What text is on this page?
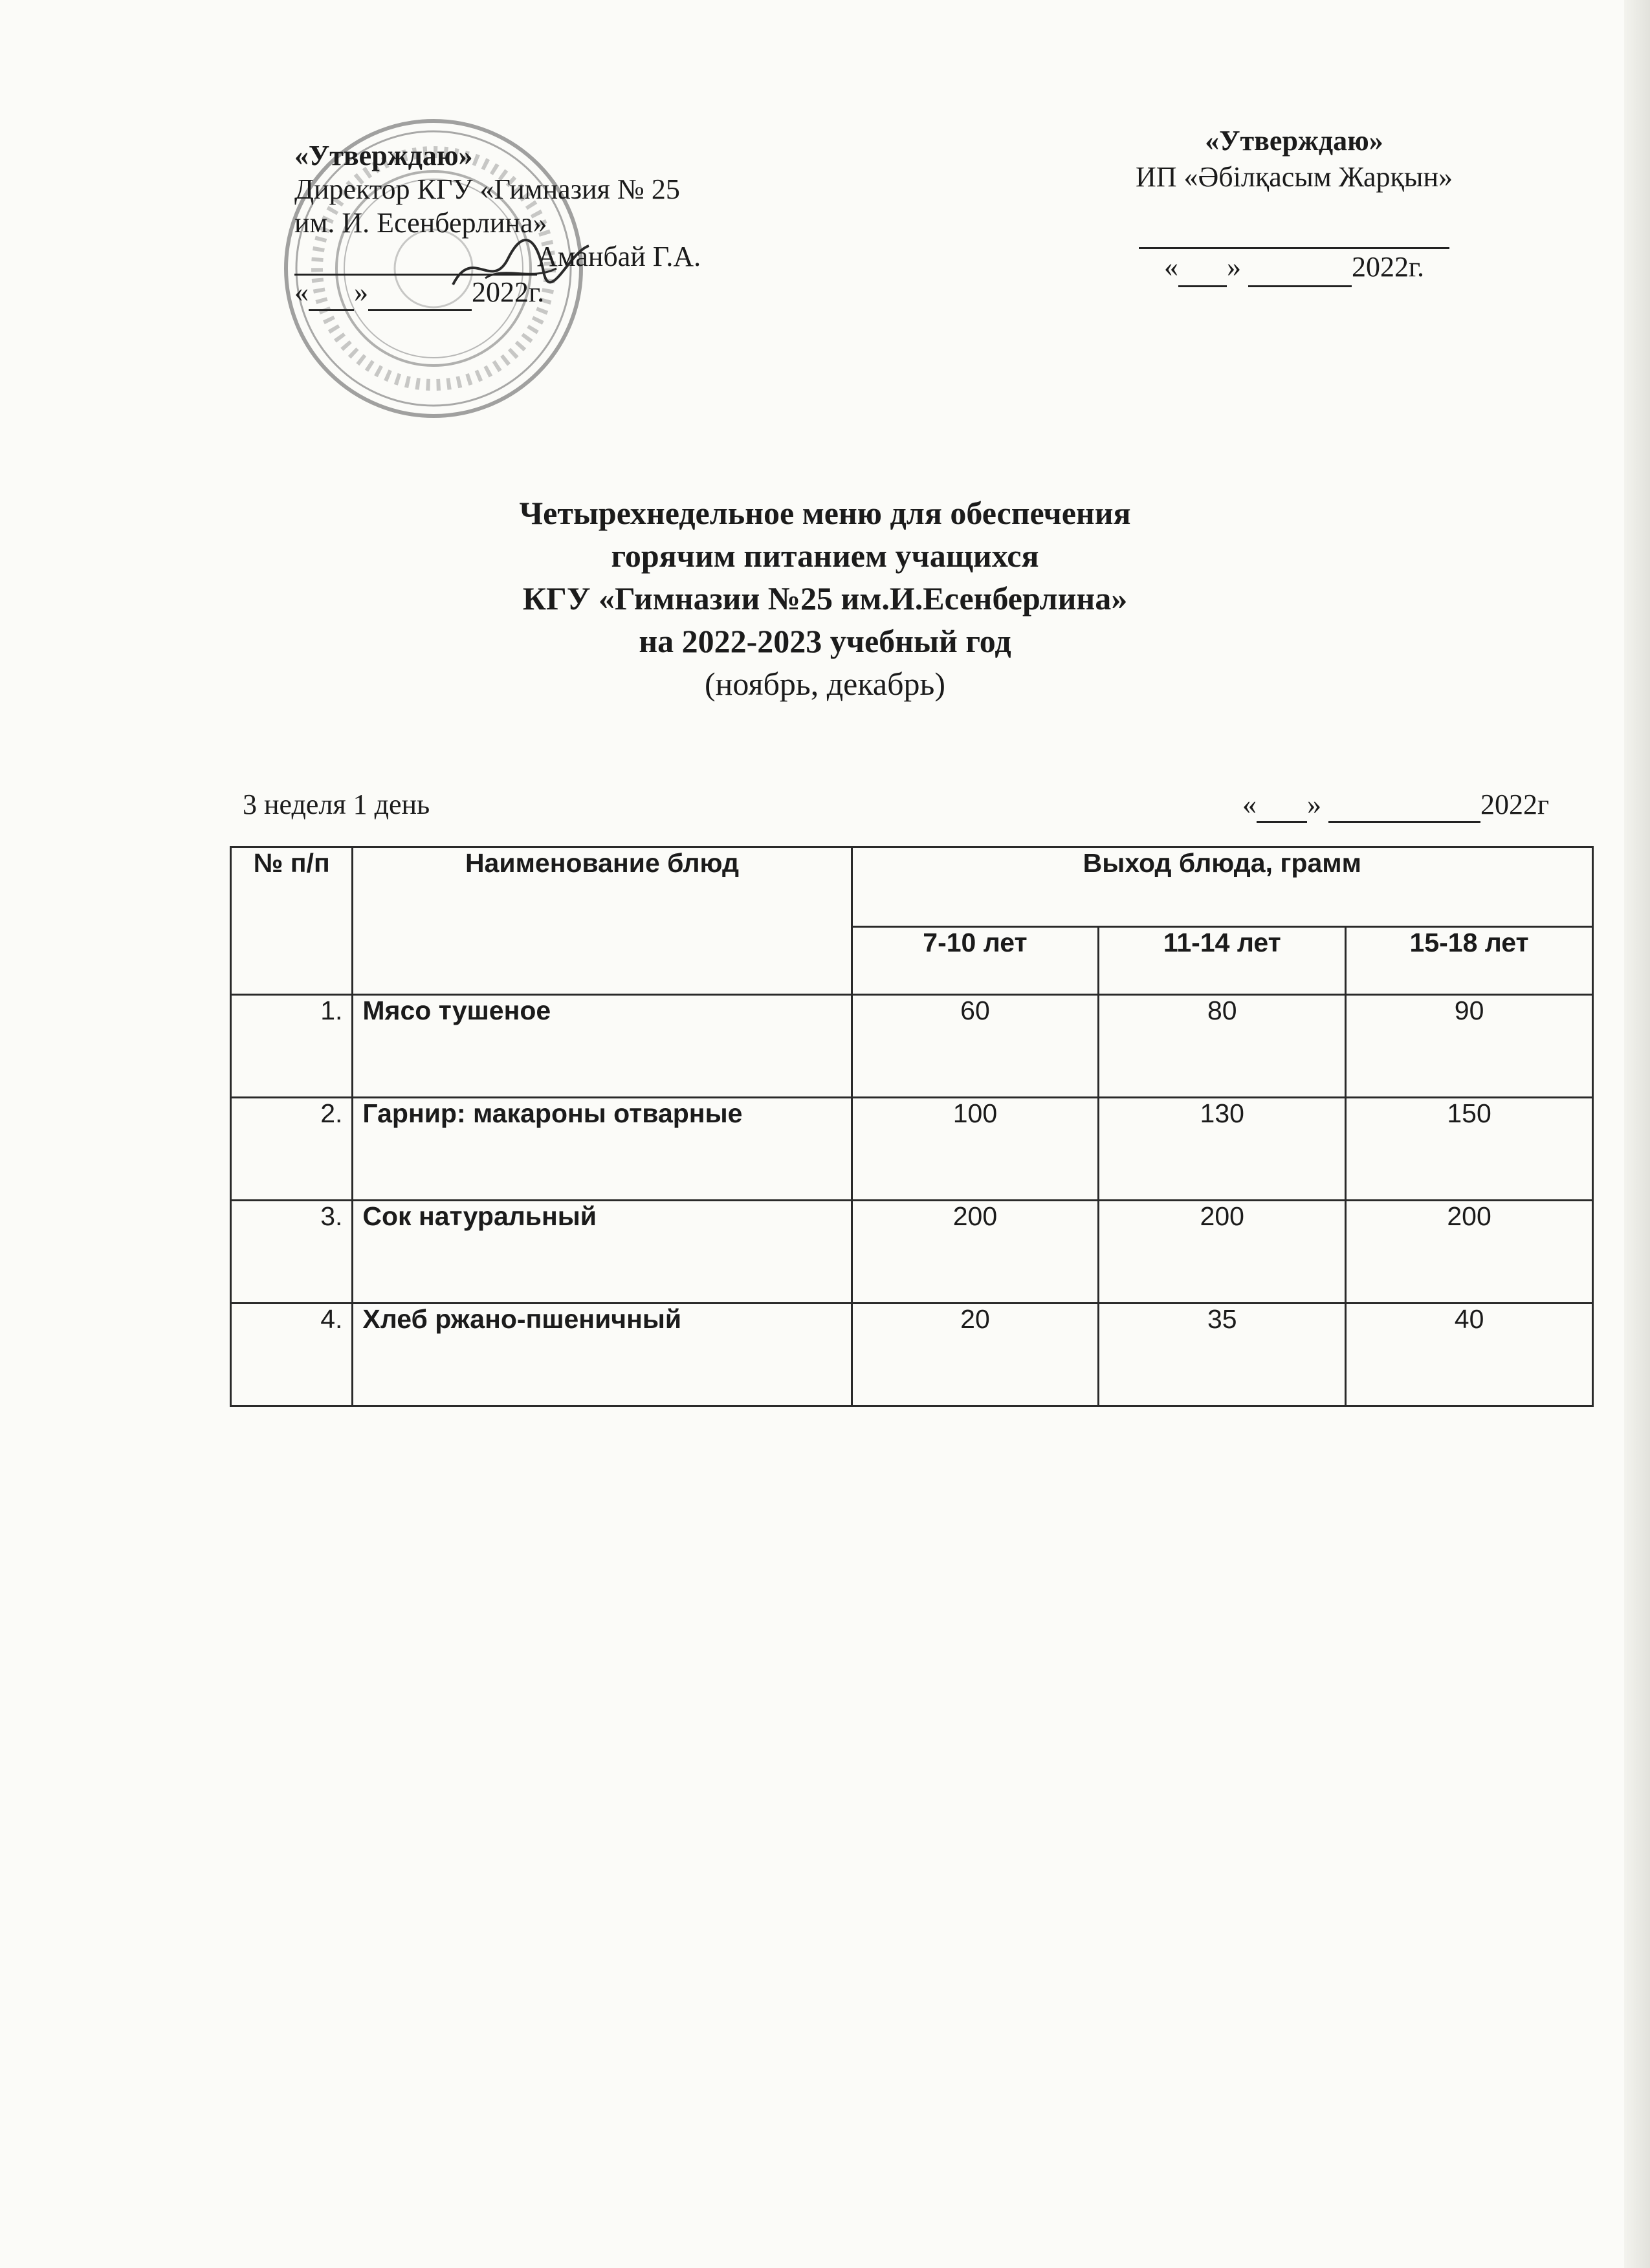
«Утверждаю»
Директор КГУ «Гимназия № 25
им. И. Есенберлина»
Аманбай Г.А.
« »	2022г.
«Утверждаю»
ИП «Әбілқасым Жарқын»

« »	2022г.
Четырехнедельное меню для обеспечения
горячим питанием учащихся
КГУ «Гимназии №25 им.И.Есенберлина»
на 2022-2023 учебный год
(ноябрь, декабрь)
3 неделя 1 день	« »	2022г
№ п/п	Наименование блюд	Выход блюда, грамм		
		7-10 лет	11-14 лет	15-18 лет
1.	Мясо тушеное	60	80	90
2.	Гарнир: макароны отварные	100	130	150
3.	Сок натуральный	200	200	200
4.	Хлеб ржано-пшеничный	20	35	40
